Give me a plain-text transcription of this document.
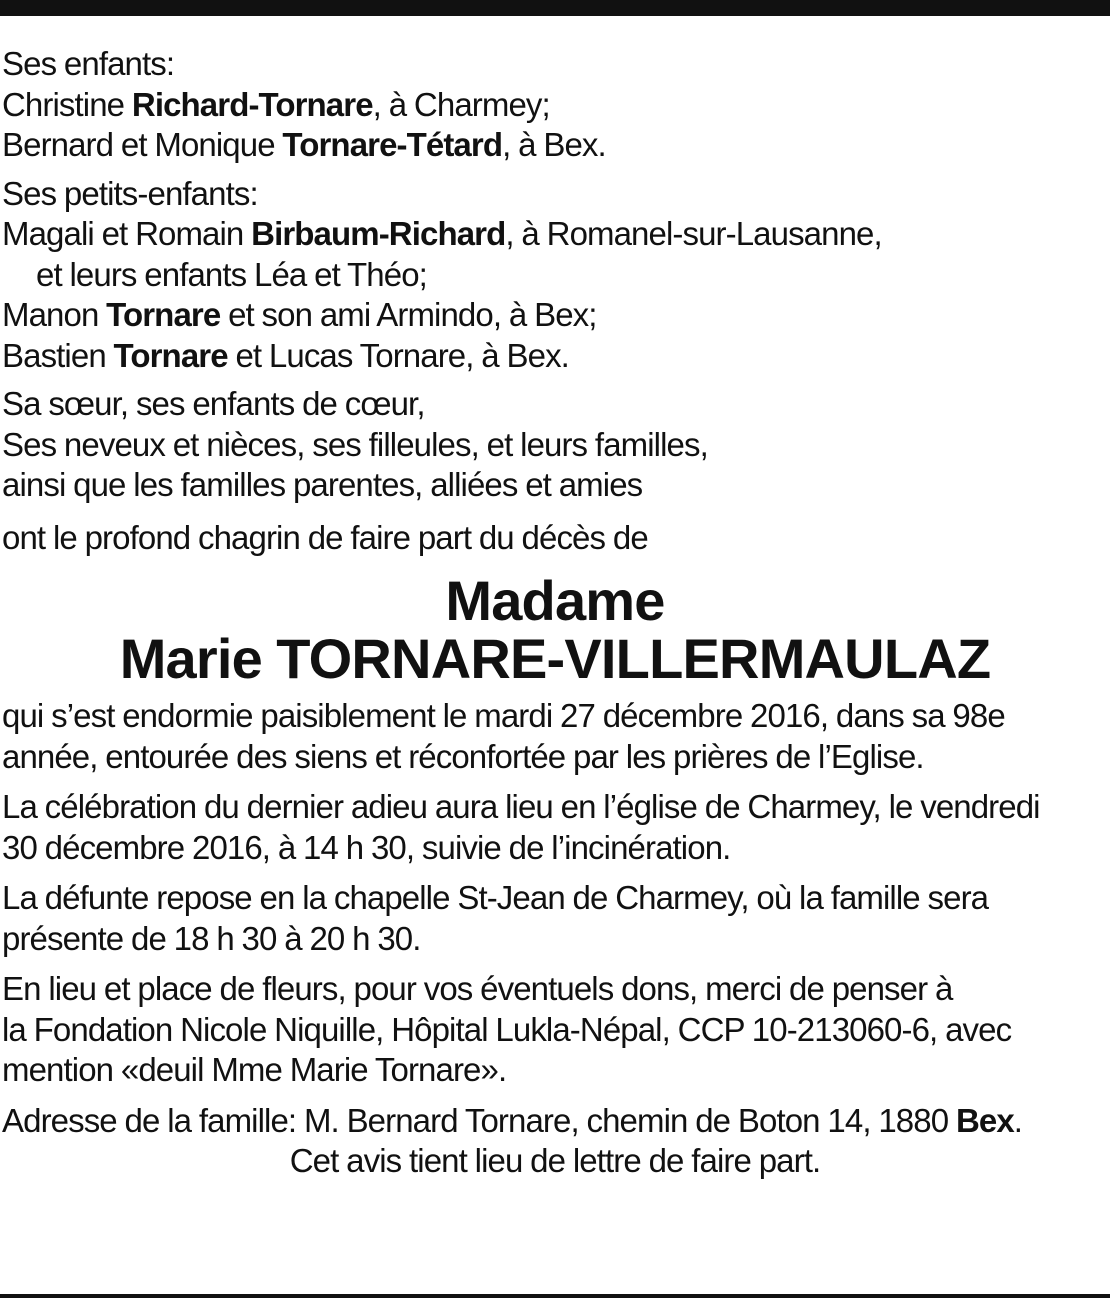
Ses enfants:
Christine Richard-Tornare, à Charmey;
Bernard et Monique Tornare-Tétard, à Bex.
Ses petits-enfants:
Magali et Romain Birbaum-Richard, à Romanel-sur-Lausanne,
et leurs enfants Léa et Théo;
Manon Tornare et son ami Armindo, à Bex;
Bastien Tornare et Lucas Tornare, à Bex.
Sa sœur, ses enfants de cœur,
Ses neveux et nièces, ses filleules, et leurs familles,
ainsi que les familles parentes, alliées et amies
ont le profond chagrin de faire part du décès de
Madame
Marie TORNARE-VILLERMAULAZ
qui s’est endormie paisiblement le mardi 27 décembre 2016, dans sa 98e
année, entourée des siens et réconfortée par les prières de l’Eglise.
La célébration du dernier adieu aura lieu en l’église de Charmey, le vendredi
30 décembre 2016, à 14 h 30, suivie de l’incinération.
La défunte repose en la chapelle St-Jean de Charmey, où la famille sera
présente de 18 h 30 à 20 h 30.
En lieu et place de fleurs, pour vos éventuels dons, merci de penser à
la Fondation Nicole Niquille, Hôpital Lukla-Népal, CCP 10-213060-6, avec
mention «deuil Mme Marie Tornare».
Adresse de la famille: M. Bernard Tornare, chemin de Boton 14, 1880 Bex.
Cet avis tient lieu de lettre de faire part.
